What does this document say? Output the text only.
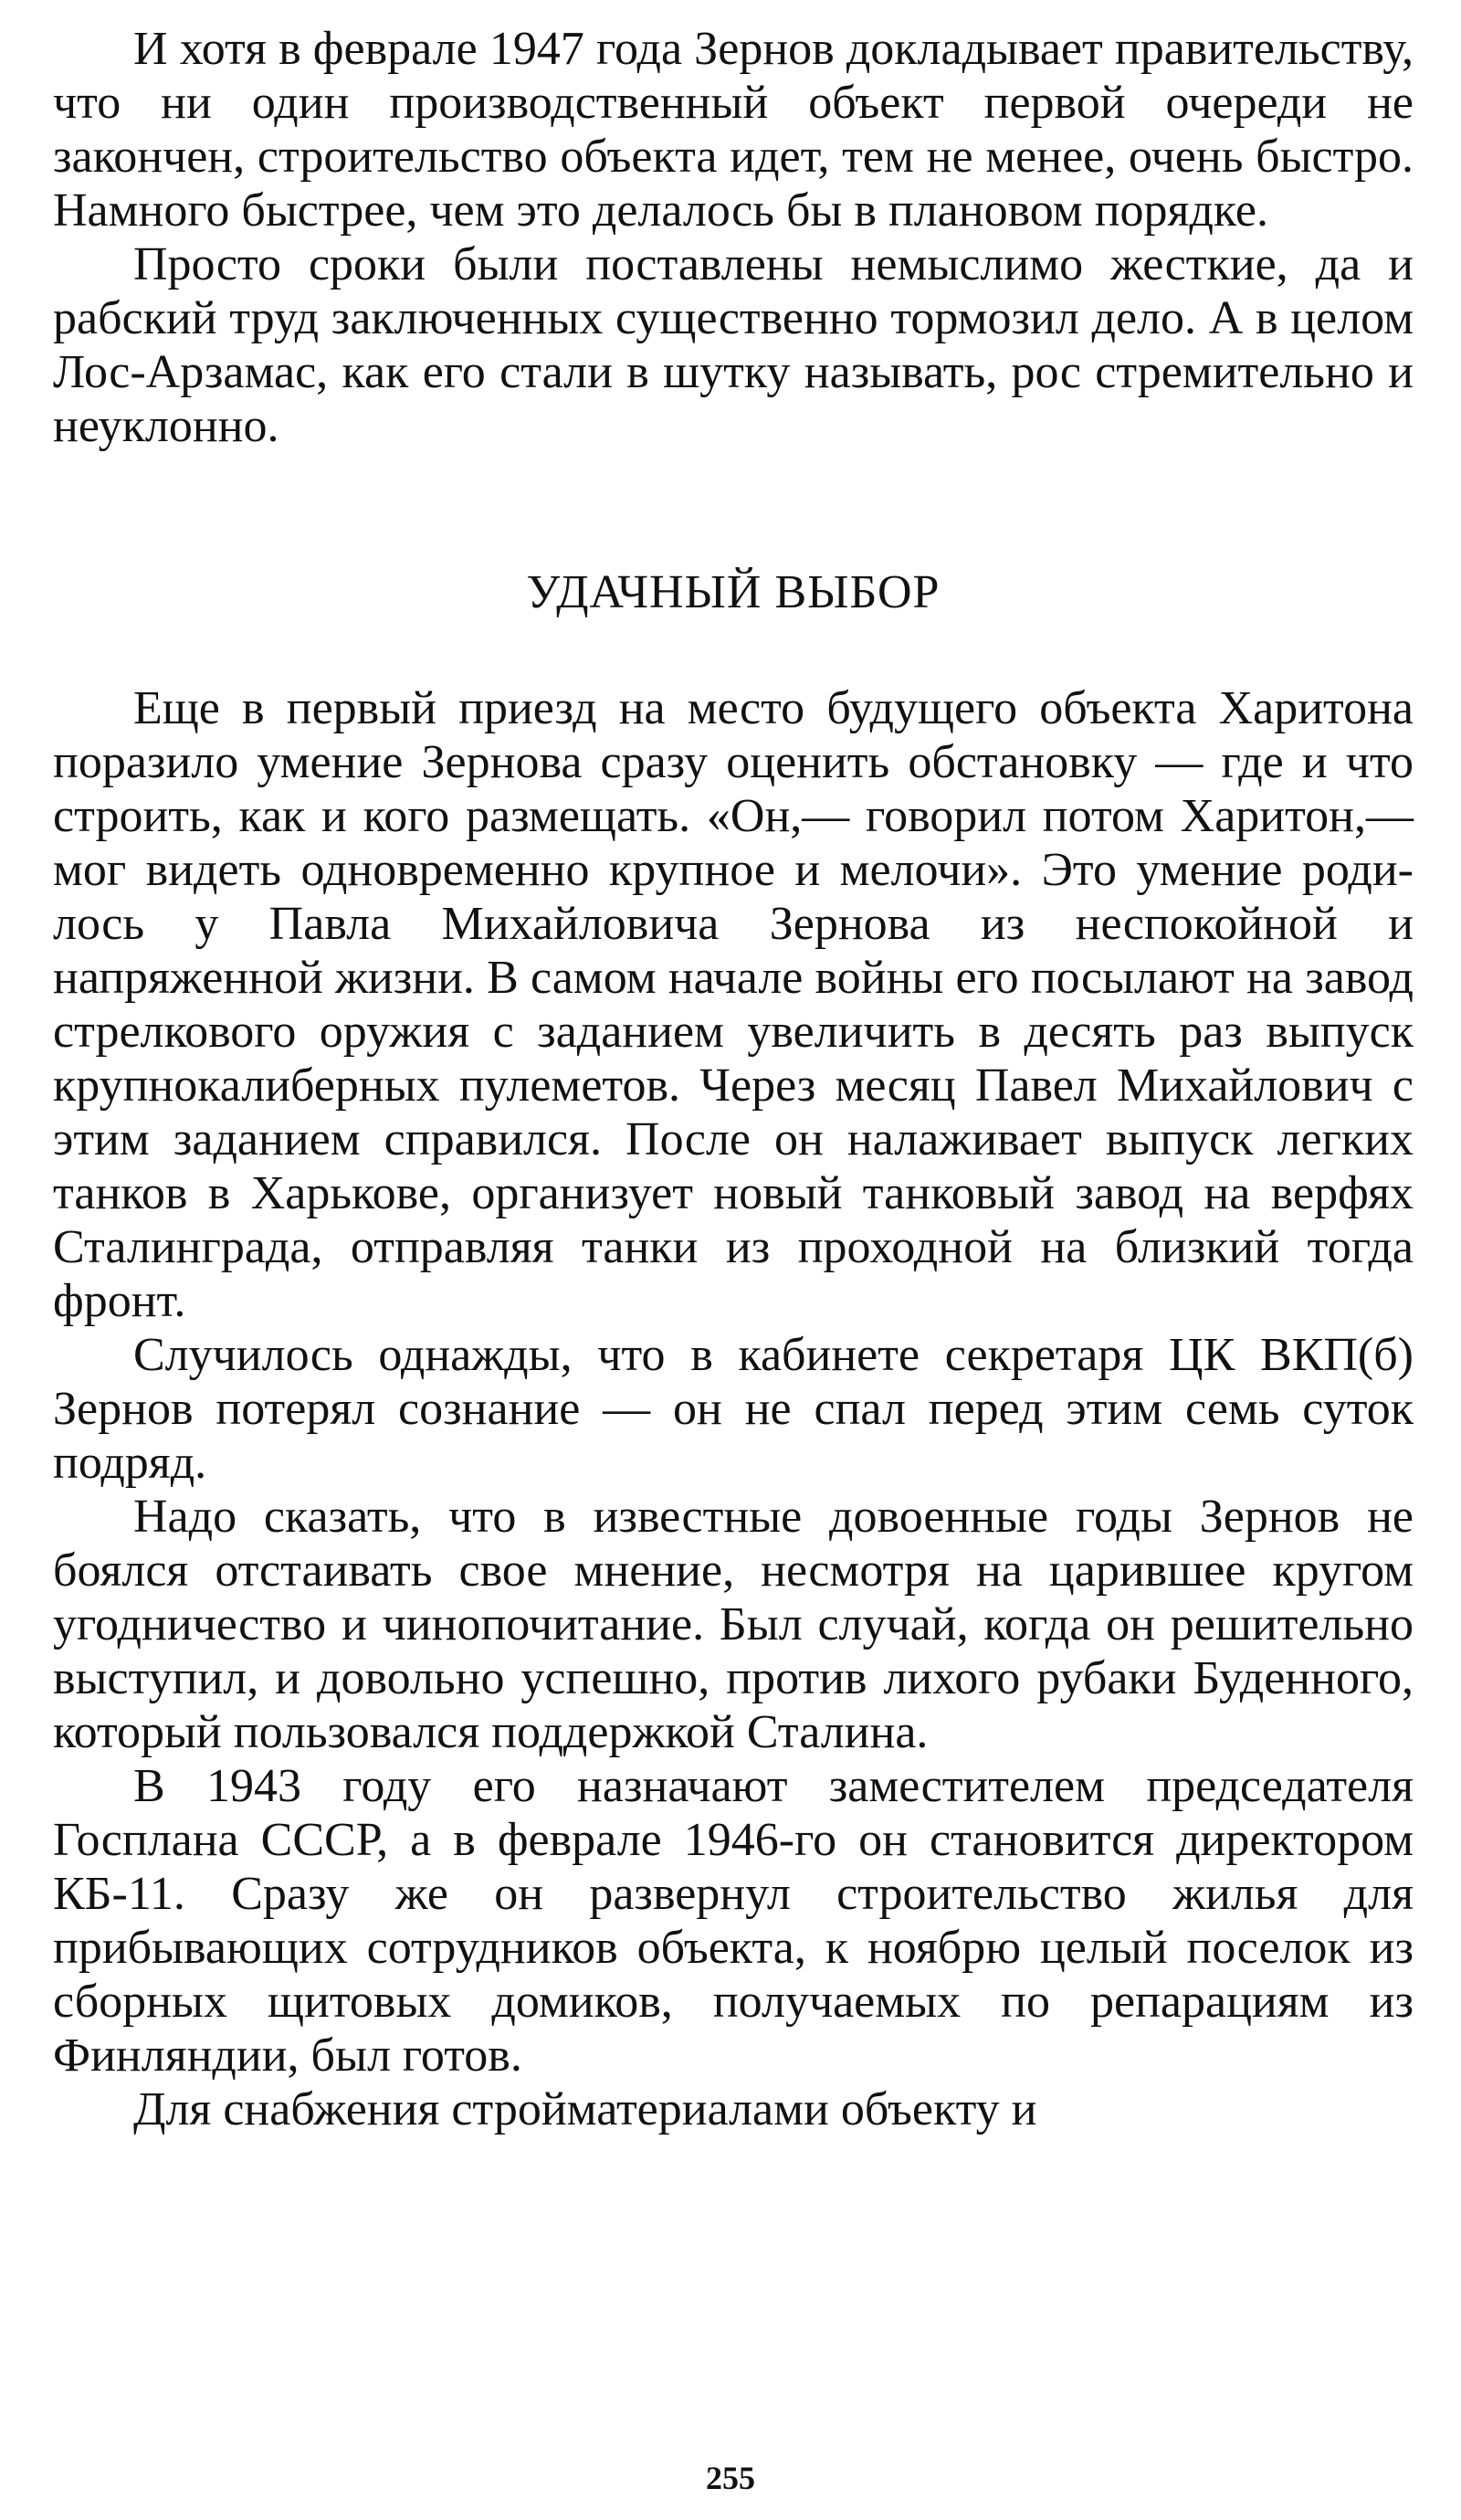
И хотя в феврале 1947 года Зернов докладывает правительству, что ни один производственный объект первой очереди не закончен, строительство объекта идет, тем не менее, очень быстро. Намного быстрее, чем это делалось бы в плановом порядке.

Просто сроки были поставлены немыслимо жесткие, да и рабский труд заключенных существенно тормозил дело. А в целом Лос-Арзамас, как его стали в шутку называть, рос стремительно и неуклонно.

УДАЧНЫЙ ВЫБОР

Еще в первый приезд на место будущего объекта Харитона поразило умение Зернова сразу оценить обстановку — где и что строить, как и кого размещать. «Он,— говорил потом Харитон,— мог видеть одновременно крупное и мелочи». Это умение родилось у Павла Михайловича Зернова из неспокойной и напряженной жизни. В самом начале войны его посылают на завод стрелкового оружия с заданием увеличить в десять раз выпуск крупнокалиберных пулеметов. Через месяц Павел Михайлович с этим заданием справился. После он налаживает выпуск легких танков в Харькове, организует новый танковый завод на верфях Сталинграда, отправляя танки из проходной на близкий тогда фронт.

Случилось однажды, что в кабинете секретаря ЦК ВКП(б) Зернов потерял сознание — он не спал перед этим семь суток подряд.

Надо сказать, что в известные довоенные годы Зернов не боялся отстаивать свое мнение, несмотря на царившее кругом угодничество и чинопочитание. Был случай, когда он решительно выступил, и довольно успешно, против лихого рубаки Буденного, который пользовался поддержкой Сталина.

В 1943 году его назначают заместителем председателя Госплана СССР, а в феврале 1946-го он становится директором КБ-11. Сразу же он развернул строительство жилья для прибывающих сотрудников объекта, к ноябрю целый поселок из сборных щитовых домиков, получаемых по репарациям из Финляндии, был готов.

Для снабжения стройматериалами объекту и

255
